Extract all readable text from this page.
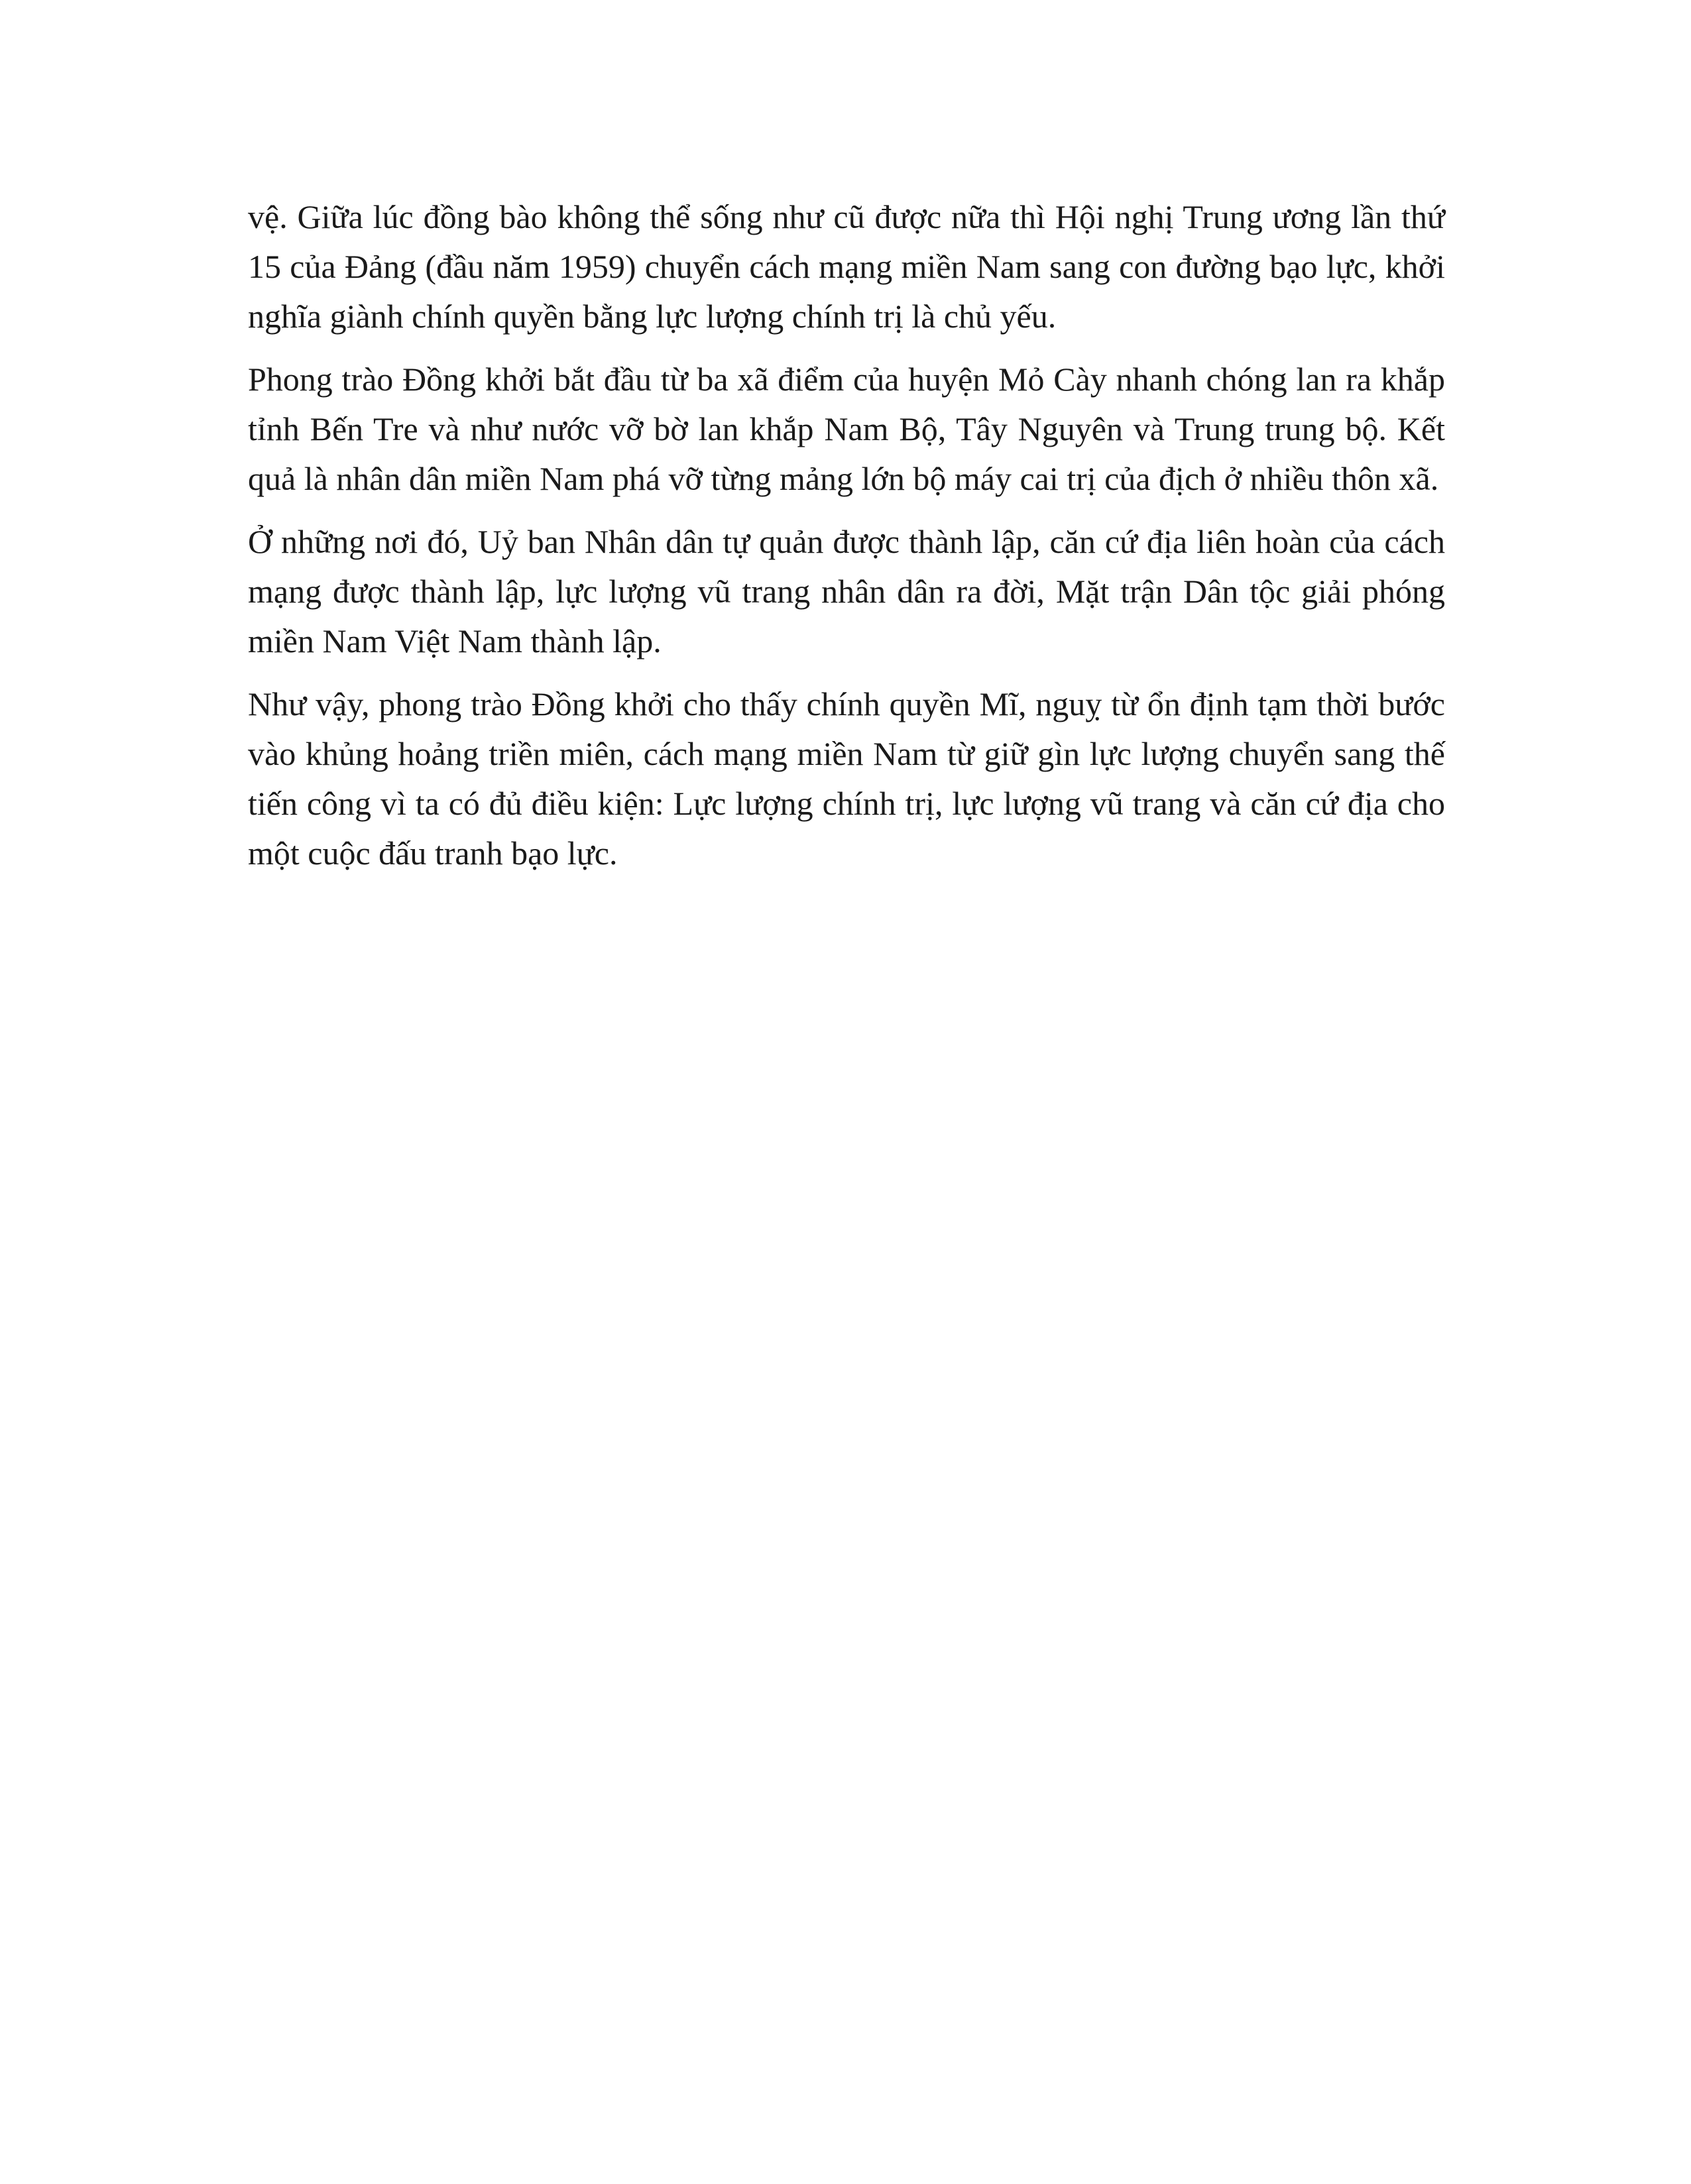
vệ. Giữa lúc đồng bào không thể sống như cũ được nữa thì Hội nghị Trung ương lần thứ
15 của Đảng (đầu năm 1959) chuyển cách mạng miền Nam sang con đường bạo lực, khởi
nghĩa giành chính quyền bằng lực lượng chính trị là chủ yếu.

Phong trào Đồng khởi bắt đầu từ ba xã điểm của huyện Mỏ Cày nhanh chóng lan ra khắp
tỉnh Bến Tre và như nước vỡ bờ lan khắp Nam Bộ, Tây Nguyên và Trung trung bộ. Kết
quả là nhân dân miền Nam phá vỡ từng mảng lớn bộ máy cai trị của địch ở nhiều thôn xã.

Ở những nơi đó, Uỷ ban Nhân dân tự quản được thành lập, căn cứ địa liên hoàn của cách
mạng được thành lập, lực lượng vũ trang nhân dân ra đời, Mặt trận Dân tộc giải phóng
miền Nam Việt Nam thành lập.

Như vậy, phong trào Đồng khởi cho thấy chính quyền Mĩ, nguỵ từ ổn định tạm thời bước
vào khủng hoảng triền miên, cách mạng miền Nam từ giữ gìn lực lượng chuyển sang thế
tiến công vì ta có đủ điều kiện: Lực lượng chính trị, lực lượng vũ trang và căn cứ địa cho
một cuộc đấu tranh bạo lực.
